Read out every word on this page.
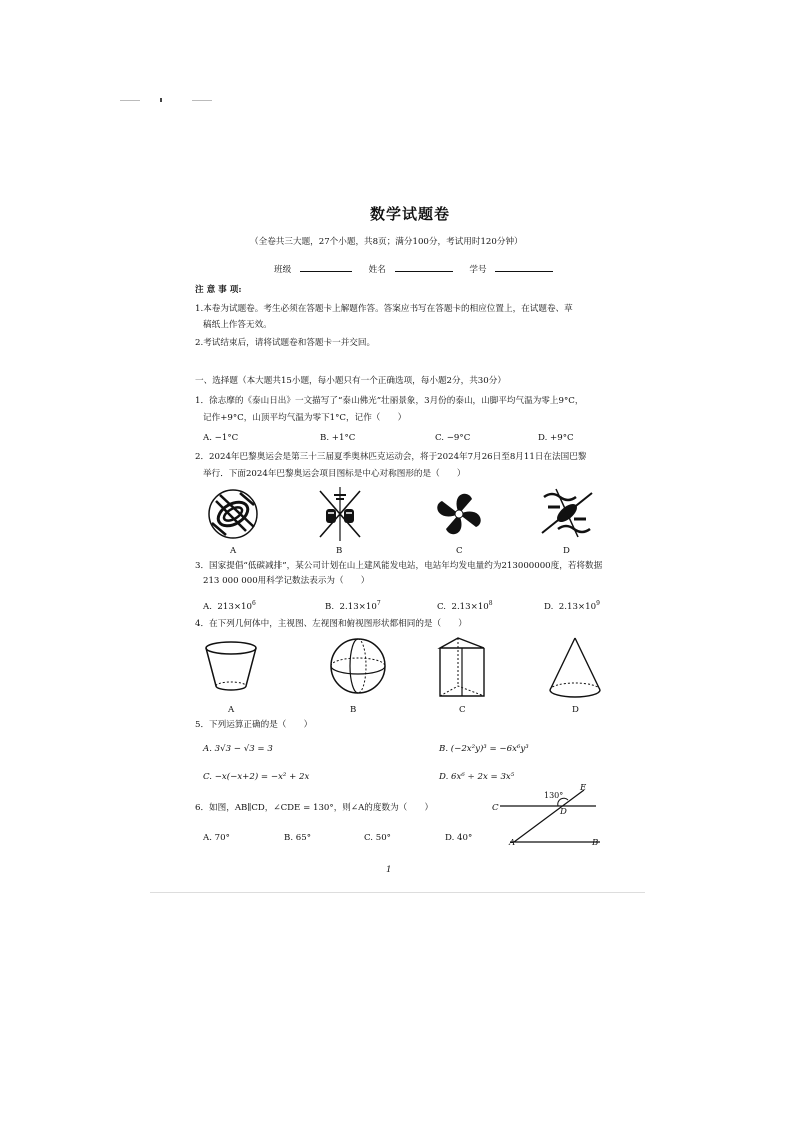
数学试题卷
（全卷共三大题，27个小题，共8页；满分100分，考试用时120分钟）
班级	姓名	学号
注 意 事 项:
1.本卷为试题卷。考生必须在答题卡上解题作答。答案应书写在答题卡的相应位置上，在试题卷、草
稿纸上作答无效。
2.考试结束后，请将试题卷和答题卡一并交回。
一、选择题（本大题共15小题，每小题只有一个正确选项，每小题2分，共30分）
1．徐志摩的《泰山日出》一文描写了“泰山佛光”壮丽景象，3月份的泰山，山脚平均气温为零上9°C，
记作+9°C，山顶平均气温为零下1°C，记作（　　）
A. −1°C	B. +1°C	C. −9°C	D. +9°C
2．2024年巴黎奥运会是第三十三届夏季奥林匹克运动会，将于2024年7月26日至8月11日在法国巴黎
举行．下面2024年巴黎奥运会项目图标是中心对称图形的是（　　）
A	B	C	D
3．国家提倡“低碳减排”，某公司计划在山上建风能发电站，电站年均发电量约为213000000度，若将数据
213 000 000用科学记数法表示为（　　）
A. $213\times 10^6$	B. $2.13\times 10^7$	C. $2.13\times 10^8$	D. $2.13\times 10^9$
4．在下列几何体中，主视图、左视图和俯视图形状都相同的是（　　）
A	B	C	D
5．下列运算正确的是（　　）
A. 3√3 − √3 = 3	B. (−2x²y)³ = −6x⁶y³
C. −x(−x+2) = −x² + 2x	D. 6x⁶ ÷ 2x = 3x⁵
6．如图，AB∥CD，∠CDE = 130°，则∠A的度数为（　　）
A. 70°	B. 65°	C. 50°	D. 40°
130°
E
C	D
A	B
1
